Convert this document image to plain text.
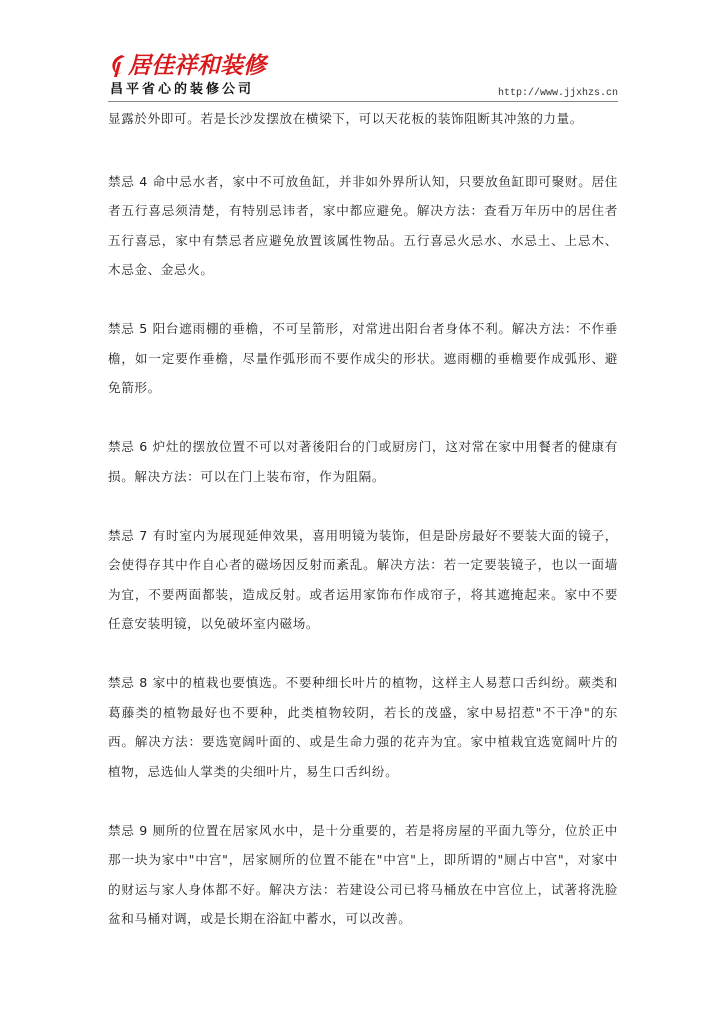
居佳祥和装修
昌平省心的装修公司	http://www.jjxhzs.cn

显露於外即可。若是长沙发摆放在横梁下，可以天花板的装饰阻断其冲煞的力量。

禁忌 4 命中忌水者，家中不可放鱼缸，并非如外界所认知，只要放鱼缸即可聚财。居住者五行喜忌须清楚，有特别忌讳者，家中都应避免。解决方法：查看万年历中的居住者五行喜忌，家中有禁忌者应避免放置该属性物品。五行喜忌火忌水、水忌土、上忌木、木忌金、金忌火。

禁忌 5 阳台遮雨棚的垂檐，不可呈箭形，对常进出阳台者身体不利。解决方法：不作垂檐，如一定要作垂檐，尽量作弧形而不要作成尖的形状。遮雨棚的垂檐要作成弧形、避免箭形。

禁忌 6 炉灶的摆放位置不可以对著後阳台的门或厨房门，这对常在家中用餐者的健康有损。解决方法：可以在门上装布帘，作为阻隔。

禁忌 7 有时室内为展现延伸效果，喜用明镜为装饰，但是卧房最好不要装大面的镜子，会使得存其中作自心者的磁场因反射而紊乱。解决方法：若一定要装镜子，也以一面墙为宜，不要两面都装，造成反射。或者运用家饰布作成帘子，将其遮掩起来。家中不要任意安装明镜，以免破坏室内磁场。

禁忌 8 家中的植栽也要慎选。不要种细长叶片的植物，这样主人易惹口舌纠纷。蕨类和葛藤类的植物最好也不要种，此类植物较阴，若长的茂盛，家中易招惹"不干净"的东西。解决方法：要选宽阔叶面的、或是生命力强的花卉为宜。家中植栽宜选宽阔叶片的植物，忌选仙人掌类的尖细叶片，易生口舌纠纷。

禁忌 9 厕所的位置在居家风水中，是十分重要的，若是将房屋的平面九等分，位於正中那一块为家中"中宫"，居家厕所的位置不能在"中宫"上，即所谓的"厕占中宫"，对家中的财运与家人身体都不好。解决方法：若建设公司已将马桶放在中宫位上，试著将洗脸盆和马桶对调，或是长期在浴缸中蓄水，可以改善。
